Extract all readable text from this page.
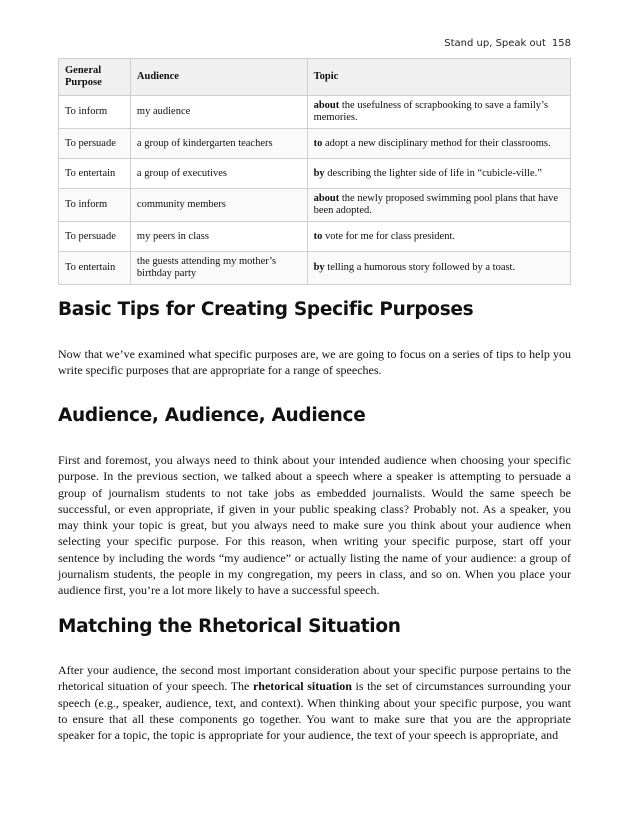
Stand up, Speak out 158
General Purpose	Audience	Topic
To inform	my audience	about the usefulness of scrapbooking to save a family’s memories.
To persuade	a group of kindergarten teachers	to adopt a new disciplinary method for their classrooms.
To entertain	a group of executives	by describing the lighter side of life in “cubicle-ville.”
To inform	community members	about the newly proposed swimming pool plans that have been adopted.
To persuade	my peers in class	to vote for me for class president.
To entertain	the guests attending my mother’s birthday party	by telling a humorous story followed by a toast.
Basic Tips for Creating Specific Purposes

Now that we’ve examined what specific purposes are, we are going to focus on a series of tips to help you write specific purposes that are appropriate for a range of speeches.

Audience, Audience, Audience

First and foremost, you always need to think about your intended audience when choosing your specific purpose. In the previous section, we talked about a speech where a speaker is attempting to persuade a group of journalism students to not take jobs as embedded journalists. Would the same speech be successful, or even appropriate, if given in your public speaking class? Probably not. As a speaker, you may think your topic is great, but you always need to make sure you think about your audience when selecting your specific purpose. For this reason, when writing your specific purpose, start off your sentence by including the words “my audience” or actually listing the name of your audience: a group of journalism students, the people in my congregation, my peers in class, and so on. When you place your audience first, you’re a lot more likely to have a successful speech.

Matching the Rhetorical Situation

After your audience, the second most important consideration about your specific purpose pertains to the rhetorical situation of your speech. The rhetorical situation is the set of circumstances surrounding your speech (e.g., speaker, audience, text, and context). When thinking about your specific purpose, you want to ensure that all these components go together. You want to make sure that you are the appropriate speaker for a topic, the topic is appropriate for your audience, the text of your speech is appropriate, and
